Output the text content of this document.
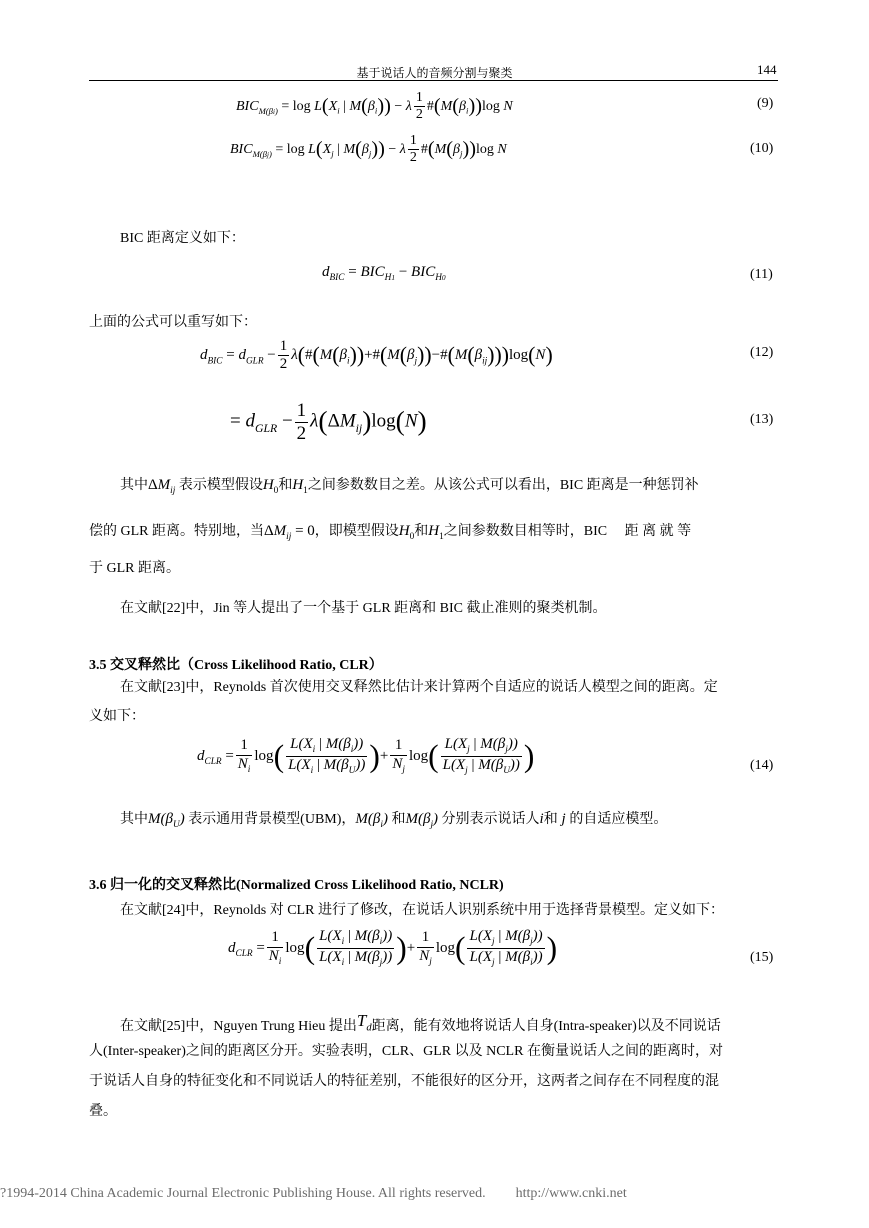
基于说话人的音频分割与聚类	144
$BIC_{M(\beta i)} = \log L(X_i$ | $M(\beta_i)) - \lambda \frac{1}{2}$ $\#(M(\beta_i))\log$ N	(9)
$BIC_{M(\beta j)} = \log L(X_j$ | $M(\beta_j)) - \lambda \frac{1}{2}$ $\#(M(\beta_j))\log$ N	(10)
BIC 距离定义如下：
$d_{BIC} = BIC_{H1} - BIC_{H0}$	(11)
上面的公式可以重写如下：
$d_{BIC} = d_{GLR} - \frac{1}{2}$ $\lambda(\#(M(\beta_i))+\#(M(\beta_j))-\#(M(\beta_{ij})))\log(N)$	(12)
= $d_{GLR} - \frac{1}{2} \lambda(\Delta M_{ij})\log(N)$	(13)
其中$\Delta M_{ij}$ 表示模型假设$H_0$和$H_1$之间参数数目之差。从该公式可以看出，BIC 距离是一种惩罚补
偿的 GLR 距离。特别地，当$\Delta M_{ij} = 0$，即模型假设$H_0$和$H_1$之间参数数目相等时，BIC　 距 离 就 等
于 GLR 距离。
在文献[22]中，Jin 等人提出了一个基于 GLR 距离和 BIC 截止准则的聚类机制。
3.5 交叉释然比（Cross Likelihood Ratio, CLR）
在文献[23]中，Reynolds 首次使用交叉释然比估计来计算两个自适应的说话人模型之间的距离。定
义如下：
$d_{CLR} = \frac{1}{N_i} \log( \frac{L(X_i | M(\beta_i))}{L(X_i | M(\beta_U))}$ )+ $\frac{1}{N_j} \log( \frac{L(X_j | M(\beta_j))}{L(X_j | M(\beta_U))}$ )	(14)
其中$M(\beta_U)$ 表示通用背景模型(UBM)，$M(\beta_i)$ 和$M(\beta_j)$ 分别表示说话人i和 j 的自适应模型。
3.6 归一化的交叉释然比(Normalized Cross Likelihood Ratio, NCLR)
在文献[24]中，Reynolds 对 CLR 进行了修改，在说话人识别系统中用于选择背景模型。定义如下：
$d_{CLR} = \frac{1}{N_i} \log( \frac{L(X_i | M(\beta_i))}{L(X_i | M(\beta_j))}$ )+ $\frac{1}{N_j} \log( \frac{L(X_j | M(\beta_j))}{L(X_j | M(\beta_i))}$ )	(15)
在文献[25]中，Nguyen Trung Hieu 提出$T_d$距离，能有效地将说话人自身(Intra-speaker)以及不同说话
人(Inter-speaker)之间的距离区分开。实验表明，CLR、GLR 以及 NCLR 在衡量说话人之间的距离时，对
于说话人自身的特征变化和不同说话人的特征差别，不能很好的区分开，这两者之间存在不同程度的混
叠。
?1994-2014 China Academic Journal Electronic Publishing House. All rights reserved. http://www.cnki.net
